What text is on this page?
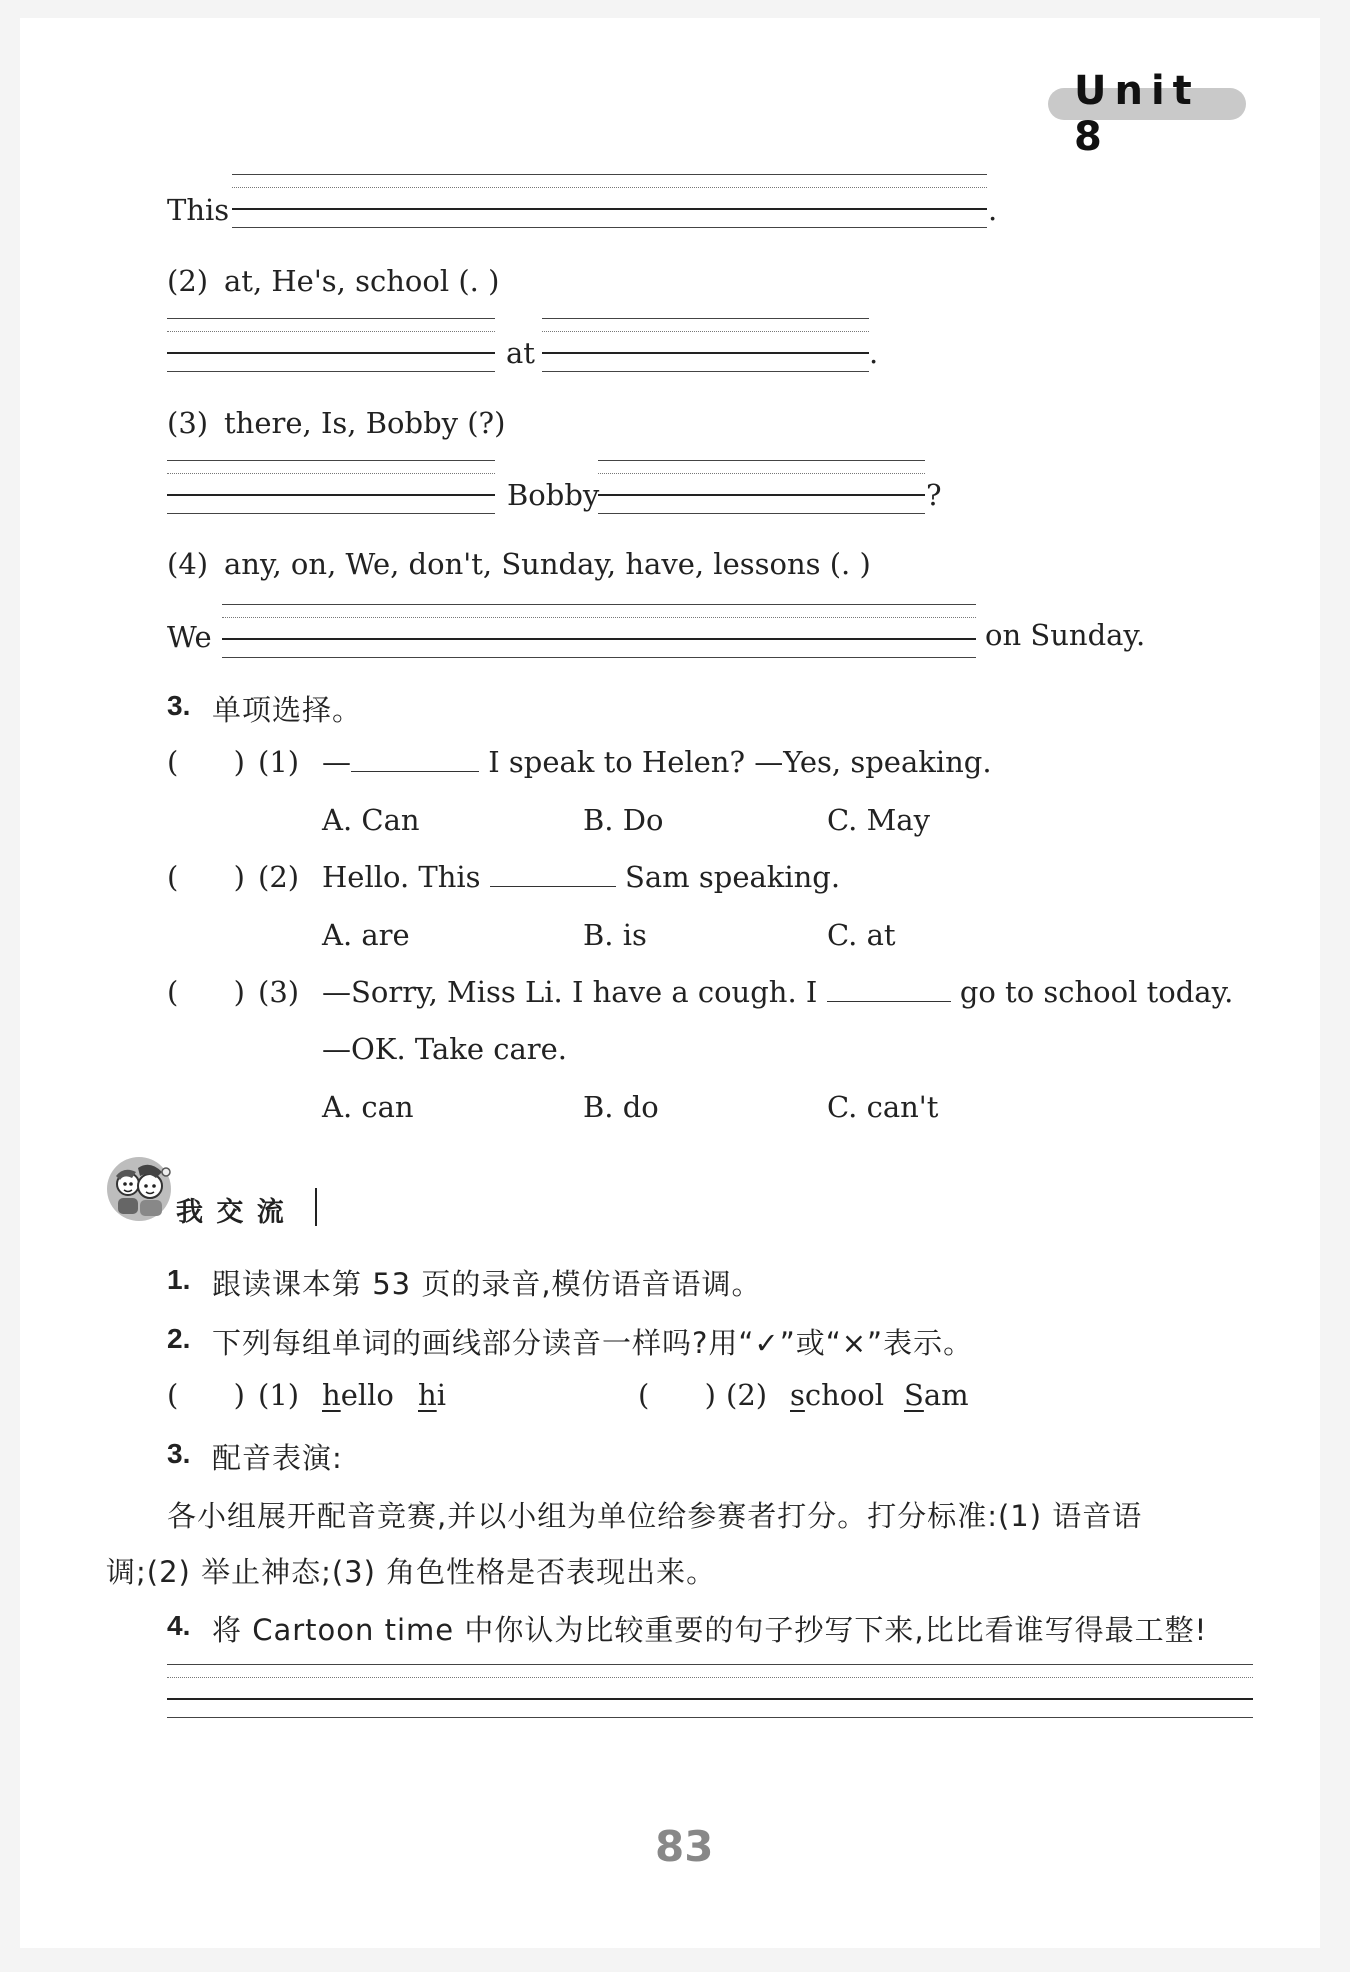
Unit 8
This	.
(2) at, He's, school (. )
at	.
(3) there, Is, Bobby (?)
Bobby	?
(4) any, on, We, don't, Sunday, have, lessons (. )
We	on Sunday.
3. 单项选择。
(      ) (1) —	I speak to Helen? —Yes, speaking.
A. Can	B. Do	C. May
(      ) (2) Hello. This	Sam speaking.
A. are	B. is	C. at
(      ) (3) —Sorry, Miss Li. I have a cough. I	go to school today.
—OK. Take care.
A. can	B. do	C. can't
我 交 流
1. 跟读课本第 53 页的录音,模仿语音语调。
2. 下列每组单词的画线部分读音一样吗?用“✓”或“×”表示。
(      ) (1) hello hi	(      ) (2) school Sam
3. 配音表演:
各小组展开配音竞赛,并以小组为单位给参赛者打分。打分标准:(1) 语音语
调;(2) 举止神态;(3) 角色性格是否表现出来。
4. 将 Cartoon time 中你认为比较重要的句子抄写下来,比比看谁写得最工整!
83
